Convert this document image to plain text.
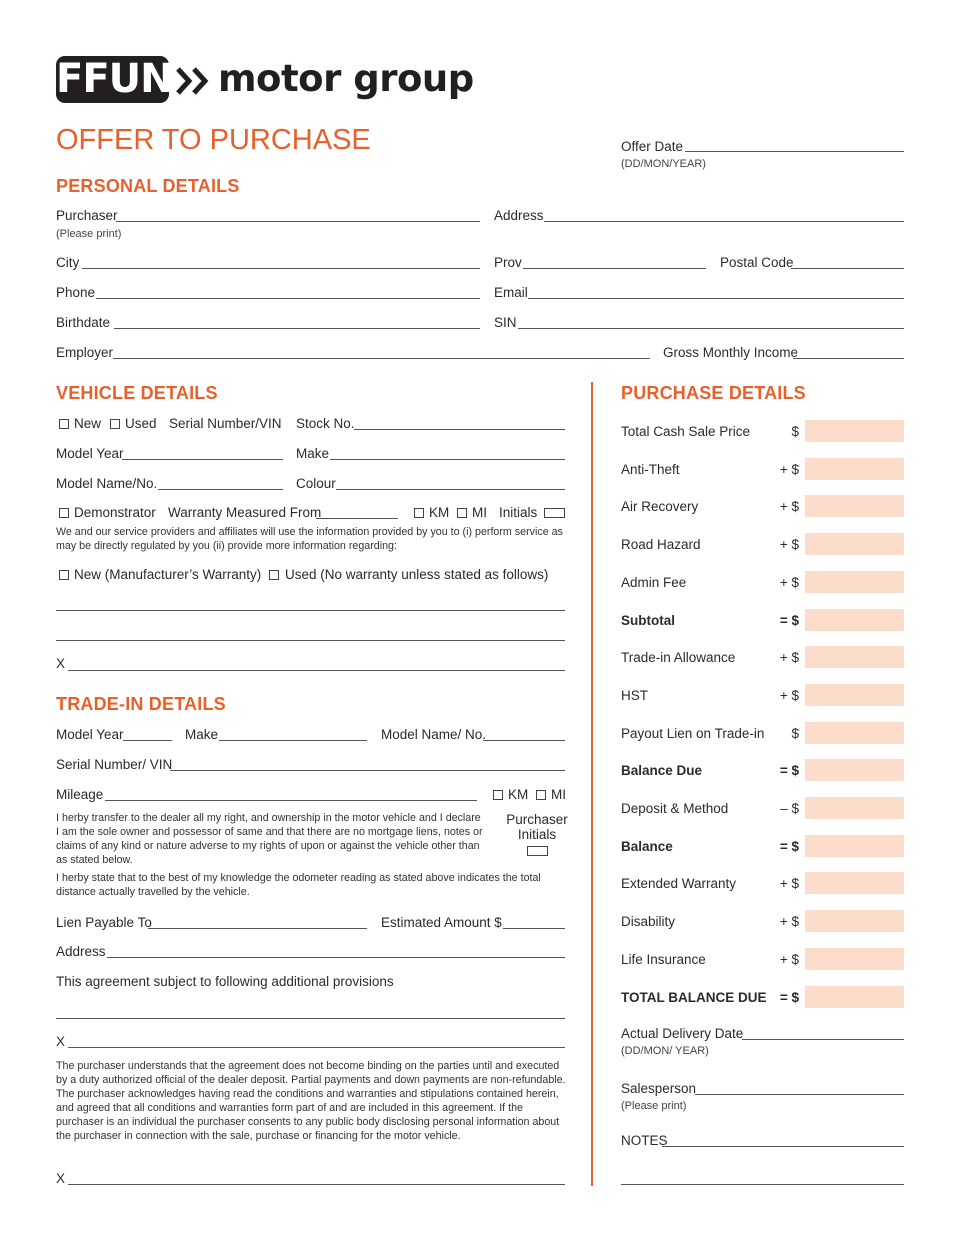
FFUN motor group
OFFER TO PURCHASE	Offer Date
(DD/MON/YEAR)
PERSONAL DETAILS
Purchaser
(Please print)
Address
City	Prov	Postal Code
Phone	Email
Birthdate	SIN
Employer	Gross Monthly Income
VEHICLE DETAILS
New Used Serial Number/VIN Stock No.
Model Year	Make
Model Name/No.	Colour
Demonstrator Warranty Measured From	KM MI Initials
We and our service providers and affiliates will use the information provided by you to (i) perform service as may be directly regulated by you (ii) provide more information regarding:
New (Manufacturer’s Warranty) Used (No warranty unless stated as follows)
X
TRADE-IN DETAILS
Model Year	Make	Model Name/ No.
Serial Number/ VIN
Mileage	KM MI
I herby transfer to the dealer all my right, and ownership in the motor vehicle and I declare I am the sole owner and possessor of same and that there are no mortgage liens, notes or claims of any kind or nature adverse to my rights of upon or against the vehicle other than as stated below.
Purchaser Initials
I herby state that to the best of my knowledge the odometer reading as stated above indicates the total distance actually travelled by the vehicle.
Lien Payable To	Estimated Amount $
Address
This agreement subject to following additional provisions
X
The purchaser understands that the agreement does not become binding on the parties until and executed by a duty authorized official of the dealer deposit. Partial payments and down payments are non-refundable. The purchaser acknowledges having read the conditions and warranties and stipulations contained herein, and agreed that all conditions and warranties form part of and are included in this agreement. If the purchaser is an individual the purchaser consents to any public body disclosing personal information about the purchaser in connection with the sale, purchase or financing for the motor vehicle.
X
PURCHASE DETAILS
Total Cash Sale Price	$
Anti-Theft	+ $
Air Recovery	+ $
Road Hazard	+ $
Admin Fee	+ $
Subtotal	= $
Trade-in Allowance	+ $
HST	+ $
Payout Lien on Trade-in	$
Balance Due	= $
Deposit & Method	– $
Balance	= $
Extended Warranty	+ $
Disability	+ $
Life Insurance	+ $
TOTAL BALANCE DUE = $
Actual Delivery Date
(DD/MON/ YEAR)
Salesperson
(Please print)
NOTES
